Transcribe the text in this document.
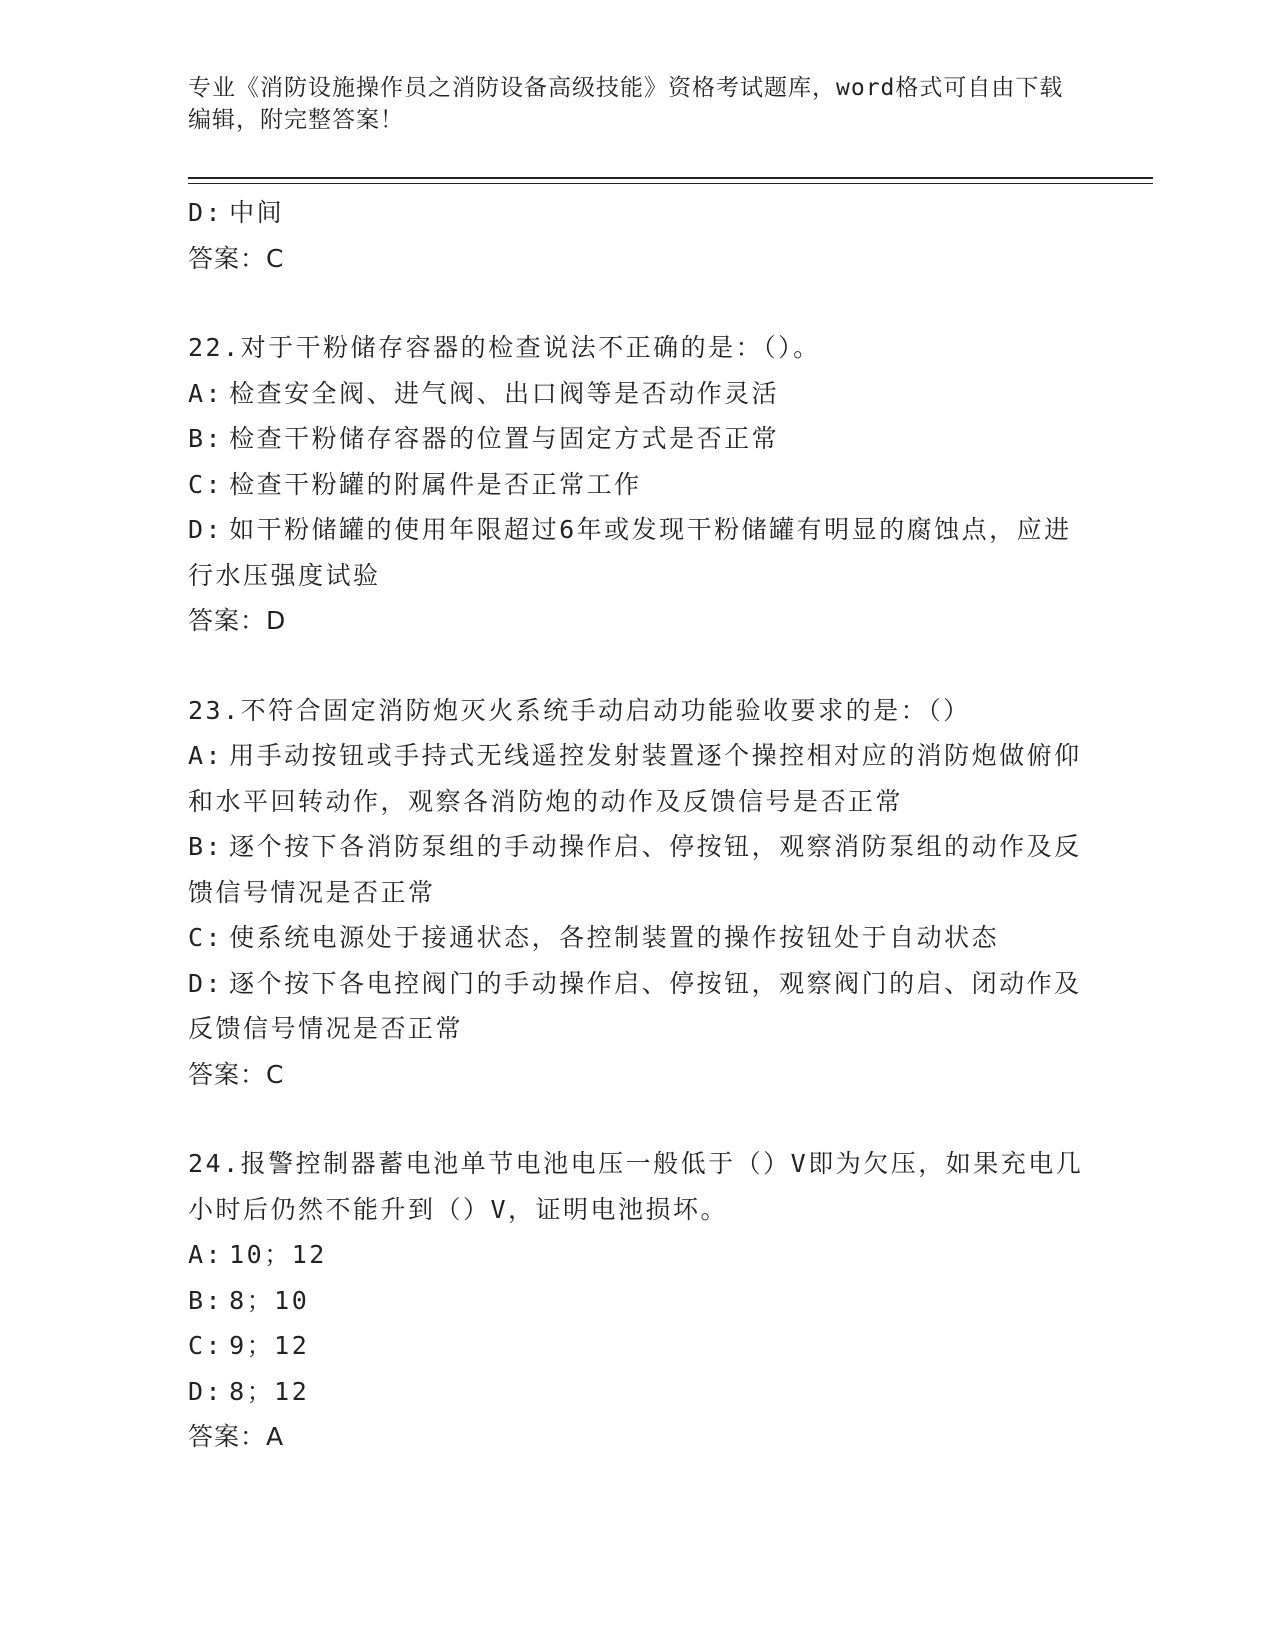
专业《消防设施操作员之消防设备高级技能》资格考试题库，word格式可自由下载编辑，附完整答案！
D: 中间
答案：C
22.对于干粉储存容器的检查说法不正确的是：（）。
A: 检查安全阀、进气阀、出口阀等是否动作灵活
B: 检查干粉储存容器的位置与固定方式是否正常
C: 检查干粉罐的附属件是否正常工作
D: 如干粉储罐的使用年限超过6年或发现干粉储罐有明显的腐蚀点，应进行水压强度试验
答案：D
23.不符合固定消防炮灭火系统手动启动功能验收要求的是：（）
A: 用手动按钮或手持式无线遥控发射装置逐个操控相对应的消防炮做俯仰和水平回转动作，观察各消防炮的动作及反馈信号是否正常
B: 逐个按下各消防泵组的手动操作启、停按钮，观察消防泵组的动作及反馈信号情况是否正常
C: 使系统电源处于接通状态，各控制装置的操作按钮处于自动状态
D: 逐个按下各电控阀门的手动操作启、停按钮，观察阀门的启、闭动作及反馈信号情况是否正常
答案：C
24.报警控制器蓄电池单节电池电压一般低于（）V即为欠压，如果充电几小时后仍然不能升到（）V，证明电池损坏。
A: 10；12
B: 8；10
C: 9；12
D: 8；12
答案：A
